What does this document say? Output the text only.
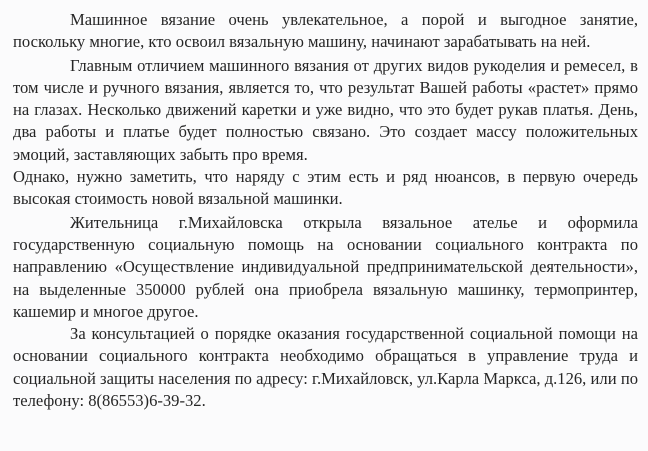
Машинное вязание очень увлекательное, а порой и выгодное занятие, поскольку многие, кто освоил вязальную машину, начинают зарабатывать на ней.

Главным отличием машинного вязания от других видов рукоделия и ремесел, в том числе и ручного вязания, является то, что результат Вашей работы «растет» прямо на глазах. Несколько движений каретки и уже видно, что это будет рукав платья. День, два работы и платье будет полностью связано. Это создает массу положительных эмоций, заставляющих забыть про время.

Однако, нужно заметить, что наряду с этим есть и ряд нюансов, в первую очередь высокая стоимость новой вязальной машинки.

Жительница г.Михайловска открыла вязальное ателье и оформила государственную социальную помощь на основании социального контракта по направлению «Осуществление индивидуальной предпринимательской деятельности», на выделенные 350000 рублей она приобрела вязальную машинку, термопринтер, кашемир и многое другое.

За консультацией о порядке оказания государственной социальной помощи на основании социального контракта необходимо обращаться в управление труда и социальной защиты населения по адресу: г.Михайловск, ул.Карла Маркса, д.126, или по телефону: 8(86553)6-39-32.
